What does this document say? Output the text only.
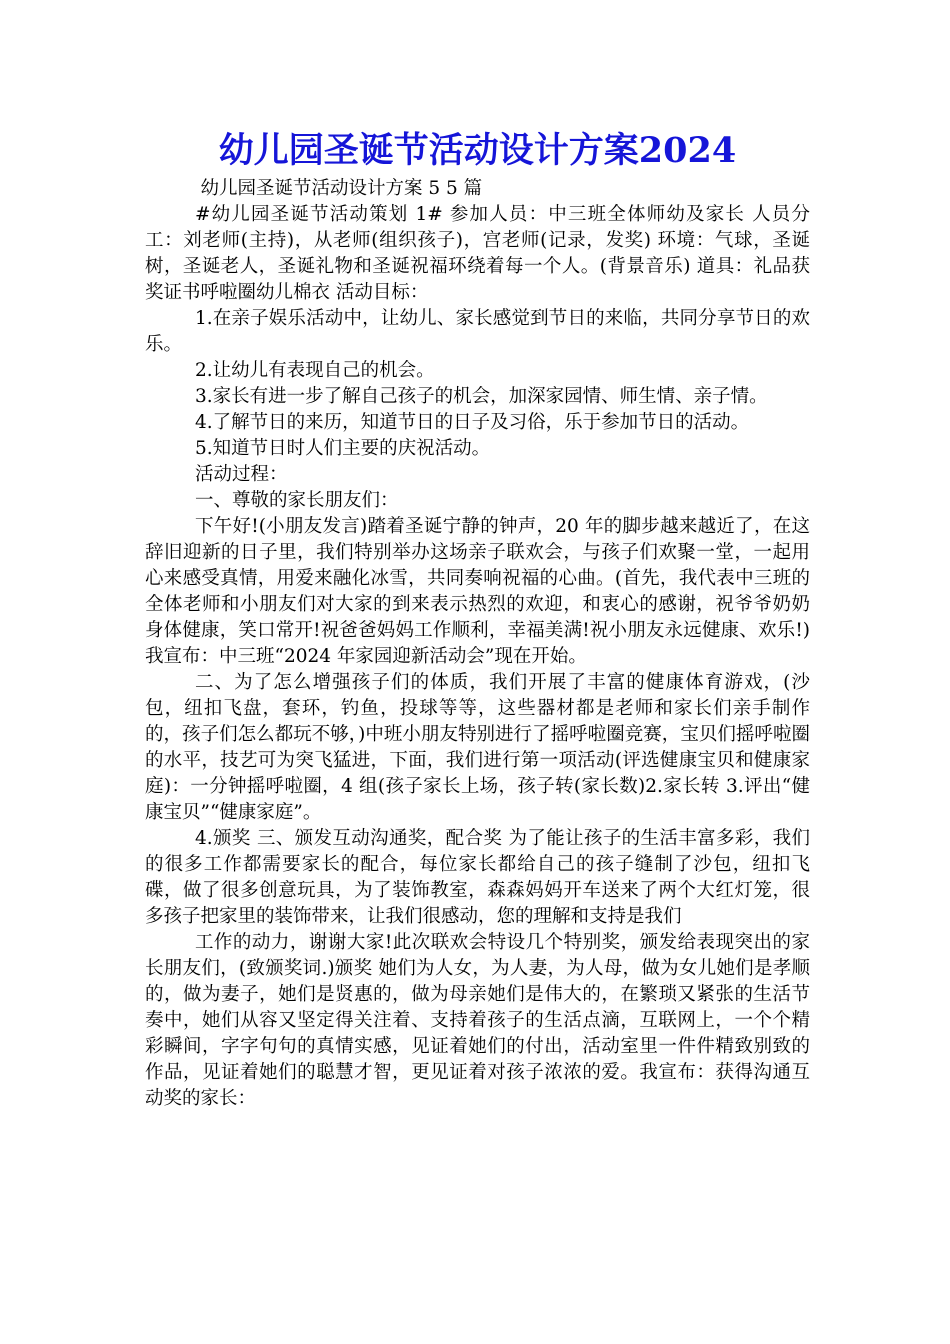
幼儿园圣诞节活动设计方案2024

幼儿园圣诞节活动设计方案 5 5 篇

#幼儿园圣诞节活动策划 1# 参加人员：中三班全体师幼及家长 人员分工：刘老师(主持)，从老师(组织孩子)，宫老师(记录，发奖) 环境：气球，圣诞树，圣诞老人，圣诞礼物和圣诞祝福环绕着每一个人。(背景音乐) 道具：礼品获奖证书呼啦圈幼儿棉衣 活动目标：

1.在亲子娱乐活动中，让幼儿、家长感觉到节日的来临，共同分享节日的欢乐。

2.让幼儿有表现自己的机会。

3.家长有进一步了解自己孩子的机会，加深家园情、师生情、亲子情。

4.了解节日的来历，知道节日的日子及习俗，乐于参加节日的活动。

5.知道节日时人们主要的庆祝活动。

活动过程：

一、尊敬的家长朋友们：

下午好!(小朋友发言)踏着圣诞宁静的钟声，20 年的脚步越来越近了，在这辞旧迎新的日子里，我们特别举办这场亲子联欢会，与孩子们欢聚一堂，一起用心来感受真情，用爱来融化冰雪，共同奏响祝福的心曲。(首先，我代表中三班的全体老师和小朋友们对大家的到来表示热烈的欢迎，和衷心的感谢，祝爷爷奶奶身体健康，笑口常开!祝爸爸妈妈工作顺利，幸福美满!祝小朋友永远健康、欢乐!)我宣布：中三班“2024 年家园迎新活动会”现在开始。

二、为了怎么增强孩子们的体质，我们开展了丰富的健康体育游戏，(沙包，纽扣飞盘，套环，钓鱼，投球等等，这些器材都是老师和家长们亲手制作的，孩子们怎么都玩不够，)中班小朋友特别进行了摇呼啦圈竞赛，宝贝们摇呼啦圈的水平，技艺可为突飞猛进，下面，我们进行第一项活动(评选健康宝贝和健康家庭)：一分钟摇呼啦圈，4 组(孩子家长上场，孩子转(家长数)2.家长转 3.评出“健康宝贝”“健康家庭”。

4.颁奖 三、颁发互动沟通奖，配合奖 为了能让孩子的生活丰富多彩，我们的很多工作都需要家长的配合，每位家长都给自己的孩子缝制了沙包，纽扣飞碟，做了很多创意玩具，为了装饰教室，森森妈妈开车送来了两个大红灯笼，很多孩子把家里的装饰带来，让我们很感动，您的理解和支持是我们

工作的动力，谢谢大家!此次联欢会特设几个特别奖，颁发给表现突出的家长朋友们，(致颁奖词.)颁奖 她们为人女，为人妻，为人母，做为女儿她们是孝顺的，做为妻子，她们是贤惠的，做为母亲她们是伟大的，在繁琐又紧张的生活节奏中，她们从容又坚定得关注着、支持着孩子的生活点滴，互联网上，一个个精彩瞬间，字字句句的真情实感，见证着她们的付出，活动室里一件件精致别致的作品，见证着她们的聪慧才智，更见证着对孩子浓浓的爱。我宣布：获得沟通互动奖的家长：
